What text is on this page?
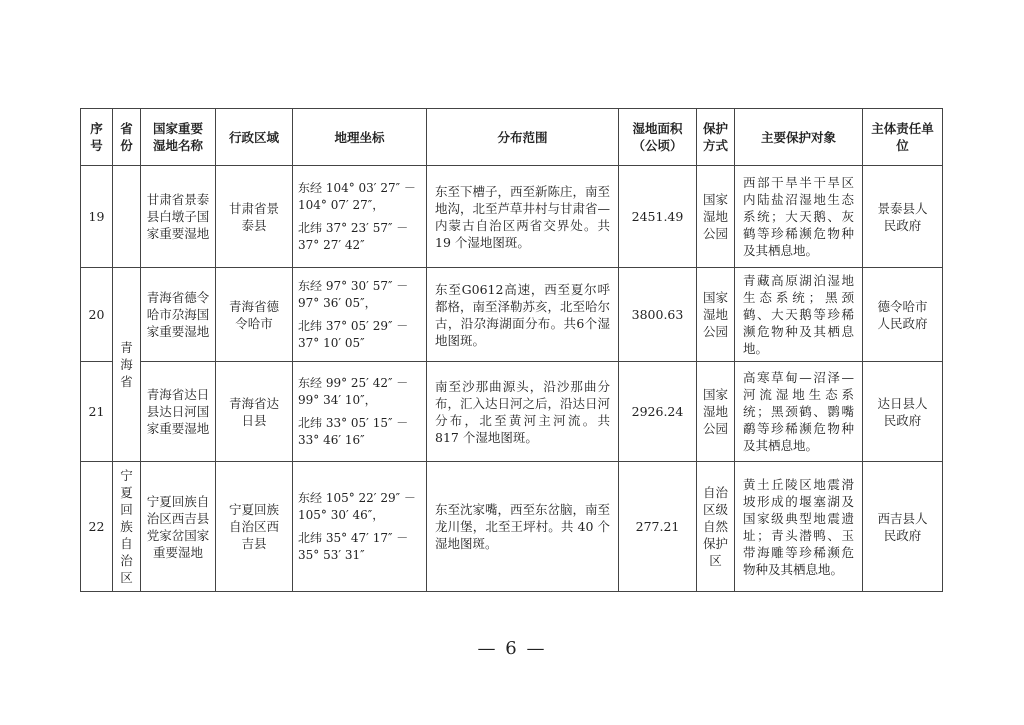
序号	省份	国家重要湿地名称	行政区域	地理坐标	分布范围	湿地面积（公顷）	保护方式	主要保护对象	主体责任单位
19		甘肃省景泰县白墩子国家重要湿地	甘肃省景泰县	东经 104° 03′ 27″ －104° 07′ 27″，
北纬 37° 23′ 57″ －37° 27′ 42″	东至下槽子，西至新陈庄，南至地沟，北至芦草井村与甘肃省—内蒙古自治区两省交界处。共 19 个湿地图斑。	2451.49	国家湿地公园	西部干旱半干旱区内陆盐沼湿地生态系统；大天鹅、灰鹤等珍稀濒危物种及其栖息地。	景泰县人民政府
20	青海省	青海省德令哈市尕海国家重要湿地	青海省德令哈市	东经 97° 30′ 57″ －97° 36′ 05″，
北纬 37° 05′ 29″ －37° 10′ 05″	东至G0612高速，西至夏尔呼都格，南至泽勒苏亥，北至哈尔古，沿尕海湖面分布。共6个湿地图斑。	3800.63	国家湿地公园	青藏高原湖泊湿地生态系统；黑颈鹤、大天鹅等珍稀濒危物种及其栖息地。	德令哈市人民政府
21		青海省达日县达日河国家重要湿地	青海省达日县	东经 99° 25′ 42″ －99° 34′ 10″，
北纬 33° 05′ 15″ －33° 46′ 16″	南至沙那曲源头，沿沙那曲分布，汇入达日河之后，沿达日河分布，北至黄河主河流。共 817 个湿地图斑。	2926.24	国家湿地公园	高寒草甸—沼泽—河流湿地生态系统；黑颈鹤、鹮嘴鹬等珍稀濒危物种及其栖息地。	达日县人民政府
22	宁夏回族自治区	宁夏回族自治区西吉县党家岔国家重要湿地	宁夏回族自治区西吉县	东经 105° 22′ 29″ －105° 30′ 46″，
北纬 35° 47′ 17″ －35° 53′ 31″	东至沈家嘴，西至东岔脑，南至龙川堡，北至王坪村。共 40 个湿地图斑。	277.21	自治区级自然保护区	黄土丘陵区地震滑坡形成的堰塞湖及国家级典型地震遗址；青头潜鸭、玉带海雕等珍稀濒危物种及其栖息地。	西吉县人民政府
— 6 —
